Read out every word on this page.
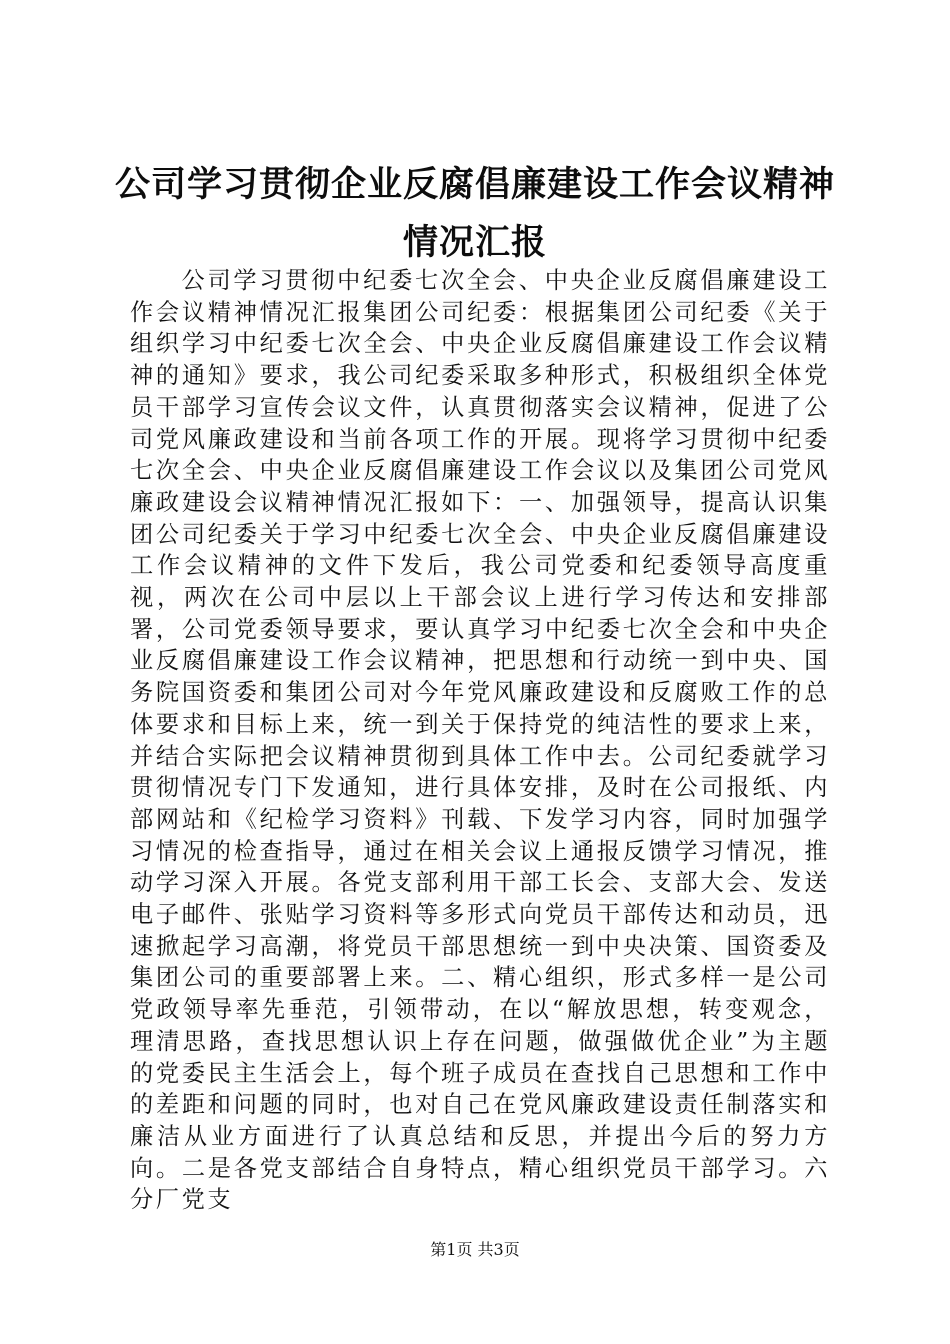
公司学习贯彻企业反腐倡廉建设工作会议精神
情况汇报

公司学习贯彻中纪委七次全会、中央企业反腐倡廉建设工作会议精神情况汇报集团公司纪委：根据集团公司纪委《关于组织学习中纪委七次全会、中央企业反腐倡廉建设工作会议精神的通知》要求，我公司纪委采取多种形式，积极组织全体党员干部学习宣传会议文件，认真贯彻落实会议精神，促进了公司党风廉政建设和当前各项工作的开展。现将学习贯彻中纪委七次全会、中央企业反腐倡廉建设工作会议以及集团公司党风廉政建设会议精神情况汇报如下：一、加强领导，提高认识集团公司纪委关于学习中纪委七次全会、中央企业反腐倡廉建设工作会议精神的文件下发后，我公司党委和纪委领导高度重视，两次在公司中层以上干部会议上进行学习传达和安排部署，公司党委领导要求，要认真学习中纪委七次全会和中央企业反腐倡廉建设工作会议精神，把思想和行动统一到中央、国务院国资委和集团公司对今年党风廉政建设和反腐败工作的总体要求和目标上来，统一到关于保持党的纯洁性的要求上来，并结合实际把会议精神贯彻到具体工作中去。公司纪委就学习贯彻情况专门下发通知，进行具体安排，及时在公司报纸、内部网站和《纪检学习资料》刊载、下发学习内容，同时加强学习情况的检查指导，通过在相关会议上通报反馈学习情况，推动学习深入开展。各党支部利用干部工长会、支部大会、发送电子邮件、张贴学习资料等多形式向党员干部传达和动员，迅速掀起学习高潮，将党员干部思想统一到中央决策、国资委及集团公司的重要部署上来。二、精心组织，形式多样一是公司党政领导率先垂范，引领带动，在以“解放思想，转变观念，理清思路，查找思想认识上存在问题，做强做优企业”为主题的党委民主生活会上，每个班子成员在查找自己思想和工作中的差距和问题的同时，也对自己在党风廉政建设责任制落实和廉洁从业方面进行了认真总结和反思，并提出今后的努力方向。二是各党支部结合自身特点，精心组织党员干部学习。六分厂党支

第1页 共3页
